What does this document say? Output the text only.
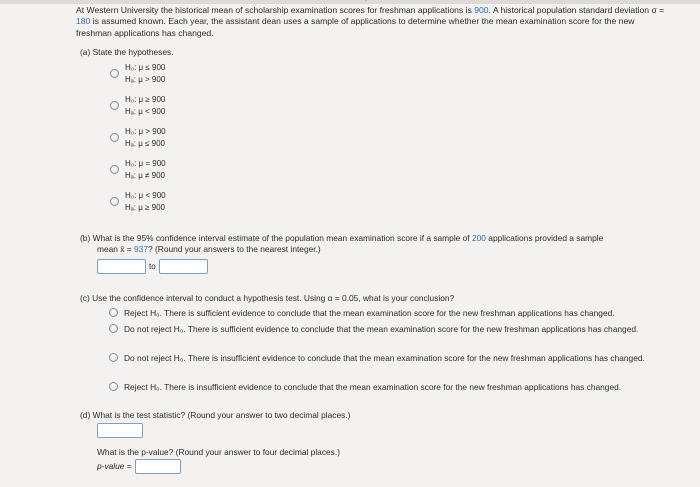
At Western University the historical mean of scholarship examination scores for freshman applications is 900. A historical population standard deviation σ = 180 is assumed known. Each year, the assistant dean uses a sample of applications to determine whether the mean examination score for the new freshman applications has changed.
(a) State the hypotheses.
H₀: μ ≤ 900
Hₐ: μ > 900
H₀: μ ≥ 900
Hₐ: μ < 900
H₀: μ > 900
Hₐ: μ ≤ 900
H₀: μ = 900
Hₐ: μ ≠ 900
H₀: μ < 900
Hₐ: μ ≥ 900
(b) What is the 95% confidence interval estimate of the population mean examination score if a sample of 200 applications provided a sample
mean x̄ = 937? (Round your answers to the nearest integer.)
to
(c) Use the confidence interval to conduct a hypothesis test. Using α = 0.05, what is your conclusion?
Reject H₀. There is sufficient evidence to conclude that the mean examination score for the new freshman applications has changed.
Do not reject H₀. There is sufficient evidence to conclude that the mean examination score for the new freshman applications has changed.
Do not reject H₀. There is insufficient evidence to conclude that the mean examination score for the new freshman applications has changed.
Reject H₀. There is insufficient evidence to conclude that the mean examination score for the new freshman applications has changed.
(d) What is the test statistic? (Round your answer to two decimal places.)
What is the p-value? (Round your answer to four decimal places.)
p-value =
